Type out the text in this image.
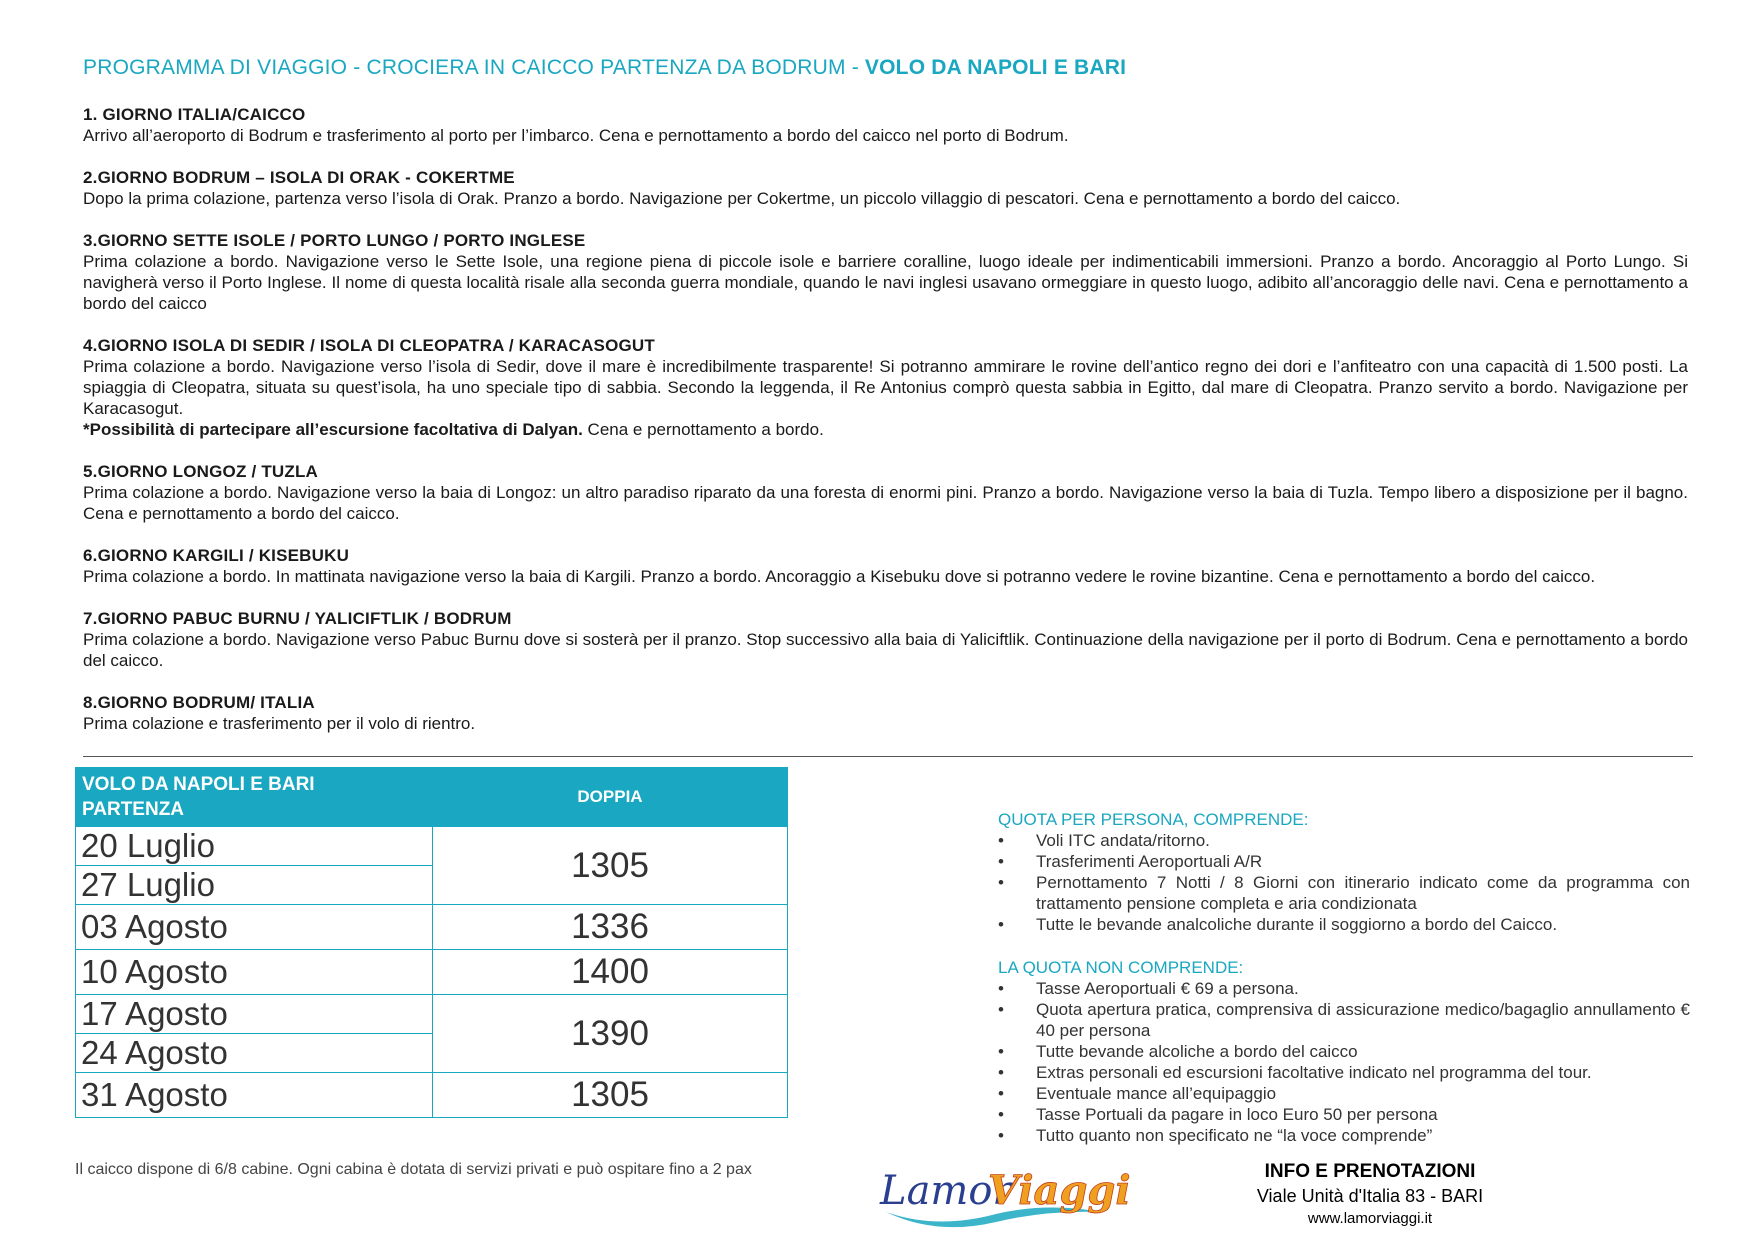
PROGRAMMA DI VIAGGIO - CROCIERA IN CAICCO PARTENZA DA BODRUM - VOLO DA NAPOLI E BARI
1. GIORNO ITALIA/CAICCO
Arrivo all’aeroporto di Bodrum e trasferimento al porto per l’imbarco. Cena e pernottamento a bordo del caicco nel porto di Bodrum.
2.GIORNO BODRUM – ISOLA DI ORAK - COKERTME
Dopo la prima colazione, partenza verso l’isola di Orak. Pranzo a bordo. Navigazione per Cokertme, un piccolo villaggio di pescatori. Cena e pernottamento a bordo del caicco.
3.GIORNO SETTE ISOLE / PORTO LUNGO / PORTO INGLESE
Prima colazione a bordo. Navigazione verso le Sette Isole, una regione piena di piccole isole e barriere coralline, luogo ideale per indimenticabili immersioni. Pranzo a bordo. Ancoraggio al Porto Lungo. Si navigherà verso il Porto Inglese. Il nome di questa località risale alla seconda guerra mondiale, quando le navi inglesi usavano ormeggiare in questo luogo, adibito all’ancoraggio delle navi. Cena e pernottamento a bordo del caicco
4.GIORNO ISOLA DI SEDIR / ISOLA DI CLEOPATRA / KARACASOGUT
Prima colazione a bordo. Navigazione verso l’isola di Sedir, dove il mare è incredibilmente trasparente! Si potranno ammirare le rovine dell’antico regno dei dori e l’anfiteatro con una capacità di 1.500 posti. La spiaggia di Cleopatra, situata su quest’isola, ha uno speciale tipo di sabbia. Secondo la leggenda, il Re Antonius comprò questa sabbia in Egitto, dal mare di Cleopatra. Pranzo servito a bordo. Navigazione per Karacasogut.
*Possibilità di partecipare all’escursione facoltativa di Dalyan. Cena e pernottamento a bordo.
5.GIORNO LONGOZ / TUZLA
Prima colazione a bordo. Navigazione verso la baia di Longoz: un altro paradiso riparato da una foresta di enormi pini. Pranzo a bordo. Navigazione verso la baia di Tuzla. Tempo libero a disposizione per il bagno. Cena e pernottamento a bordo del caicco.
6.GIORNO KARGILI / KISEBUKU
Prima colazione a bordo. In mattinata navigazione verso la baia di Kargili. Pranzo a bordo. Ancoraggio a Kisebuku dove si potranno vedere le rovine bizantine. Cena e pernottamento a bordo del caicco.
7.GIORNO PABUC BURNU / YALICIFTLIK / BODRUM
Prima colazione a bordo. Navigazione verso Pabuc Burnu dove si sosterà per il pranzo. Stop successivo alla baia di Yaliciftlik. Continuazione della navigazione per il porto di Bodrum. Cena e pernottamento a bordo del caicco.
8.GIORNO BODRUM/ ITALIA
Prima colazione e trasferimento per il volo di rientro.
VOLO DA NAPOLI E BARI
PARTENZA	DOPPIA
20 Luglio	1305
27 Luglio	
03 Agosto	1336
10 Agosto	1400
17 Agosto	1390
24 Agosto	
31 Agosto	1305
QUOTA PER PERSONA, COMPRENDE:
• Voli ITC andata/ritorno.
• Trasferimenti Aeroportuali A/R
• Pernottamento 7 Notti / 8 Giorni con itinerario indicato come da programma con trattamento pensione completa e aria condizionata
• Tutte le bevande analcoliche durante il soggiorno a bordo del Caicco.
LA QUOTA NON COMPRENDE:
• Tasse Aeroportuali € 69 a persona.
• Quota apertura pratica, comprensiva di assicurazione medico/bagaglio annullamento € 40 per persona
• Tutte bevande alcoliche a bordo del caicco
• Extras personali ed escursioni facoltative indicato nel programma del tour.
• Eventuale mance all’equipaggio
• Tasse Portuali da pagare in loco Euro 50 per persona
• Tutto quanto non specificato ne “la voce comprende”
Il caicco dispone di 6/8 cabine. Ogni cabina è dotata di servizi privati e può ospitare fino a 2 pax	Lamor
Viaggi	INFO E PRENOTAZIONI
Viale Unità d'Italia 83 - BARI
www.lamorviaggi.it
